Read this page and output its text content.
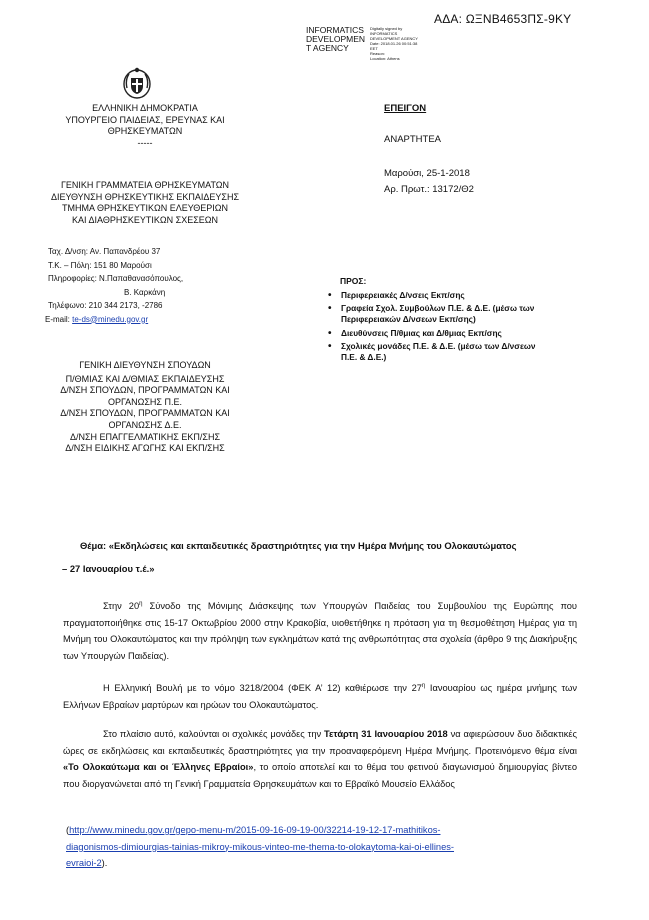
ΑΔΑ: ΩΞΝΒ4653ΠΣ-9ΚΥ
INFORMATICS
DEVELOPMEN
T AGENCY
Digitally signed by
INFORMATICS
DEVELOPMENT AGENCY
Date: 2018.01.26 00:51:38
EET
Reason:
Location: Athens
ΕΛΛΗΝΙΚΗ ΔΗΜΟΚΡΑΤΙΑ
ΥΠΟΥΡΓΕΙΟ ΠΑΙΔΕΙΑΣ, ΕΡΕΥΝΑΣ ΚΑΙ
ΘΡΗΣΚΕΥΜΑΤΩΝ
-----
ΓΕΝΙΚΗ ΓΡΑΜΜΑΤΕΙΑ ΘΡΗΣΚΕΥΜΑΤΩΝ
ΔΙΕΥΘΥΝΣΗ ΘΡΗΣΚΕΥΤΙΚΗΣ ΕΚΠΑΙΔΕΥΣΗΣ
ΤΜΗΜΑ ΘΡΗΣΚΕΥΤΙΚΩΝ ΕΛΕΥΘΕΡΙΩΝ
ΚΑΙ ΔΙΑΘΡΗΣΚΕΥΤΙΚΩΝ ΣΧΕΣΕΩΝ
Ταχ. Δ/νση: Αν. Παπανδρέου 37
Τ.Κ. – Πόλη: 151 80 Μαρούσι
Πληροφορίες: Ν.Παπαθανασόπουλος,
Β. Καρκάνη
Τηλέφωνο: 210 344 2173, -2786
E-mail: te-ds@minedu.gov.gr
ΕΠΕΙΓΟΝ
ΑΝΑΡΤΗΤΕΑ
Μαρούσι, 25-1-2018
Αρ. Πρωτ.: 13172/Θ2
ΠΡΟΣ:
• Περιφερειακές Δ/νσεις Εκπ/σης
• Γραφεία Σχολ. Συμβούλων Π.Ε. & Δ.Ε. (μέσω των Περιφερειακών Δ/νσεων Εκπ/σης)
• Διευθύνσεις Π/θμιας και Δ/θμιας Εκπ/σης
• Σχολικές μονάδες Π.Ε. & Δ.Ε. (μέσω των Δ/νσεων Π.Ε. & Δ.Ε.)
ΓΕΝΙΚΗ ΔΙΕΥΘΥΝΣΗ ΣΠΟΥΔΩΝ
Π/ΘΜΙΑΣ ΚΑΙ Δ/ΘΜΙΑΣ ΕΚΠΑΙΔΕΥΣΗΣ
Δ/ΝΣΗ ΣΠΟΥΔΩΝ, ΠΡΟΓΡΑΜΜΑΤΩΝ ΚΑΙ
ΟΡΓΑΝΩΣΗΣ Π.Ε.
Δ/ΝΣΗ ΣΠΟΥΔΩΝ, ΠΡΟΓΡΑΜΜΑΤΩΝ ΚΑΙ
ΟΡΓΑΝΩΣΗΣ Δ.Ε.
Δ/ΝΣΗ ΕΠΑΓΓΕΛΜΑΤΙΚΗΣ ΕΚΠ/ΣΗΣ
Δ/ΝΣΗ ΕΙΔΙΚΗΣ ΑΓΩΓΗΣ ΚΑΙ ΕΚΠ/ΣΗΣ
Θέμα: «Εκδηλώσεις και εκπαιδευτικές δραστηριότητες για την Ημέρα Μνήμης του Ολοκαυτώματος
– 27 Ιανουαρίου τ.έ.»
Στην $20^\eta$ Σύνοδο της Μόνιμης Διάσκεψης των Υπουργών Παιδείας του Συμβουλίου της Ευρώπης που πραγματοποιήθηκε στις 15-17 Οκτωβρίου 2000 στην Κρακοβία, υιοθετήθηκε η πρόταση για τη θεσμοθέτηση Ημέρας για τη Μνήμη του Ολοκαυτώματος και την πρόληψη των εγκλημάτων κατά της ανθρωπότητας στα σχολεία (άρθρο 9 της Διακήρυξης των Υπουργών Παιδείας).
Η Ελληνική Βουλή με το νόμο 3218/2004 (ΦΕΚ Α’ 12) καθιέρωσε την $27^\eta$ Ιανουαρίου ως ημέρα μνήμης των Ελλήνων Εβραίων μαρτύρων και ηρώων του Ολοκαυτώματος.
Στο πλαίσιο αυτό, καλούνται οι σχολικές μονάδες την Τετάρτη 31 Ιανουαρίου 2018 να αφιερώσουν δυο διδακτικές ώρες σε εκδηλώσεις και εκπαιδευτικές δραστηριότητες για την προαναφερόμενη Ημέρα Μνήμης. Προτεινόμενο θέμα είναι «Το Ολοκαύτωμα και οι Έλληνες Εβραίοι», το οποίο αποτελεί και το θέμα του φετινού διαγωνισμού δημιουργίας βίντεο που διοργανώνεται από τη Γενική Γραμματεία Θρησκευμάτων και το Εβραϊκό Μουσείο Ελλάδος
(http://www.minedu.gov.gr/gepo-menu-m/2015-09-16-09-19-00/32214-19-12-17-mathitikos-
diagonismos-dimiourgias-tainias-mikroy-mikous-vinteo-me-thema-to-olokaytoma-kai-oi-ellines-
evraioi-2).
